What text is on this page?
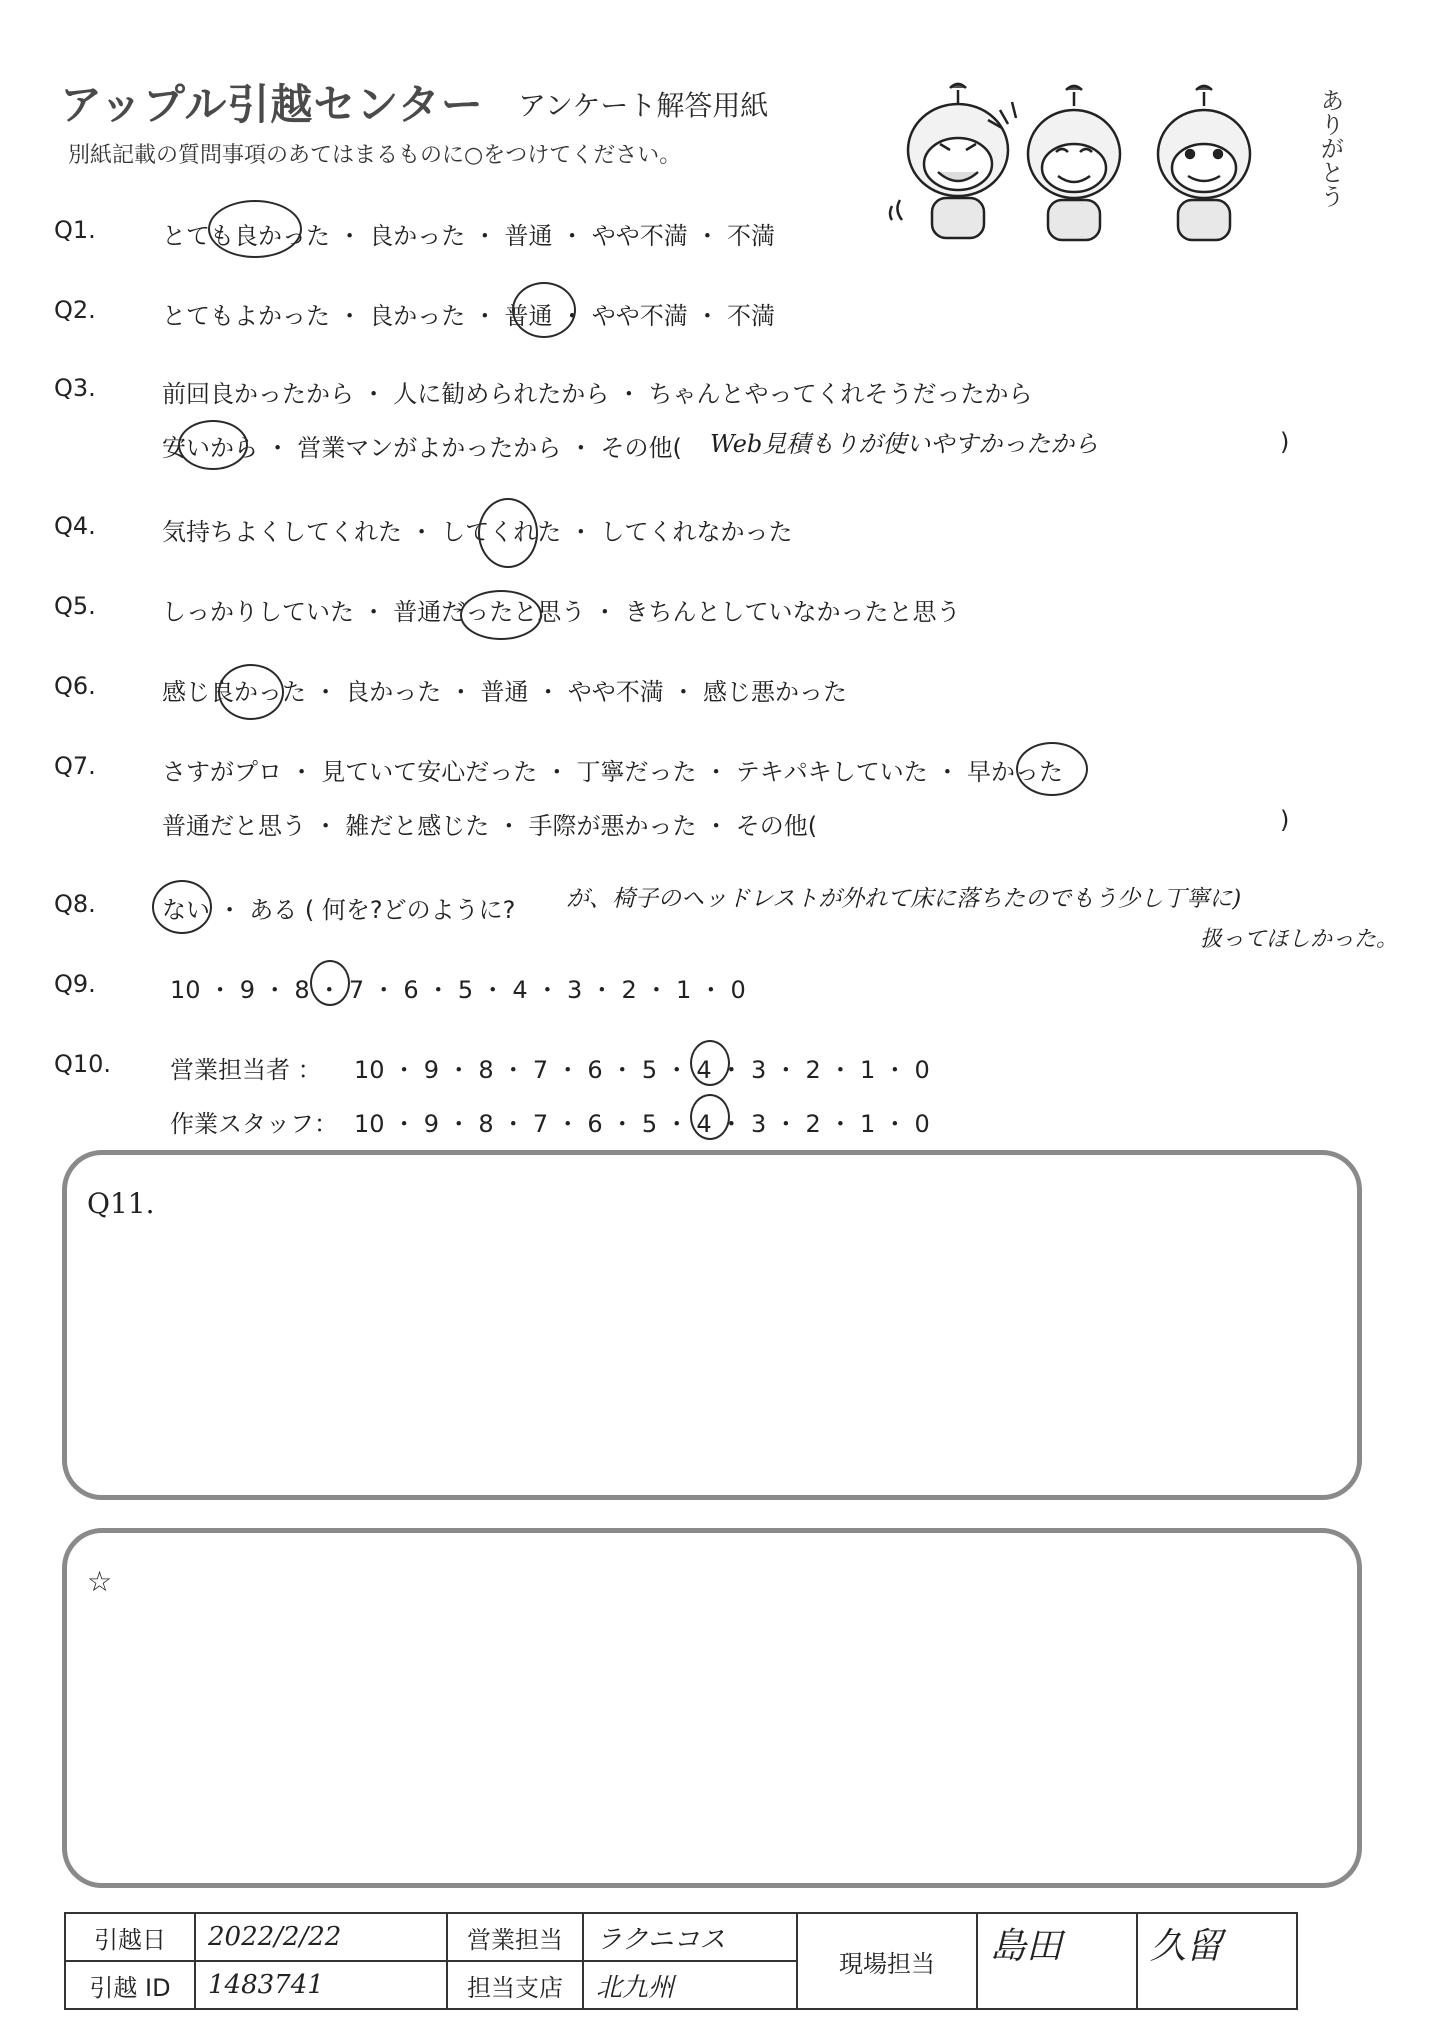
アップル引越センター アンケート解答用紙
別紙記載の質問事項のあてはまるものに○をつけてください。	ありがとう
Q1.	とても良かった ・ 良かった ・ 普通 ・ やや不満 ・ 不満
Q2.	とてもよかった ・ 良かった ・ 普通 ・ やや不満 ・ 不満
Q3.	前回良かったから ・ 人に勧められたから ・ ちゃんとやってくれそうだったから
安いから ・ 営業マンがよかったから ・ その他( Web見積もりが使いやすかったから	)
Q4.	気持ちよくしてくれた ・ してくれた ・ してくれなかった
Q5.	しっかりしていた ・ 普通だったと思う ・ きちんとしていなかったと思う
Q6.	感じ良かった ・ 良かった ・ 普通 ・ やや不満 ・ 感じ悪かった
Q7.	さすがプロ ・ 見ていて安心だった ・ 丁寧だった ・ テキパキしていた ・ 早かった
普通だと思う ・ 雑だと感じた ・ 手際が悪かった ・ その他(	)
Q8.	ない ・ ある ( 何を?どのように? が、椅子のヘッドレストが外れて床に落ちたのでもう少し丁寧に)
扱ってほしかった。
Q9.	10 ・ 9 ・ 8 ・ 7 ・ 6 ・ 5 ・ 4 ・ 3 ・ 2 ・ 1 ・ 0
Q10. 営業担当者 ： 10 ・ 9 ・ 8 ・ 7 ・ 6 ・ 5 ・ 4 ・ 3 ・ 2 ・ 1 ・ 0
作業スタッフ： 10 ・ 9 ・ 8 ・ 7 ・ 6 ・ 5 ・ 4 ・ 3 ・ 2 ・ 1 ・ 0
Q11.
☆
引越日	2022/2/22	営業担当	ラクニコス	現場担当	島田	久留
引越 ID	1483741	担当支店	北九州			
